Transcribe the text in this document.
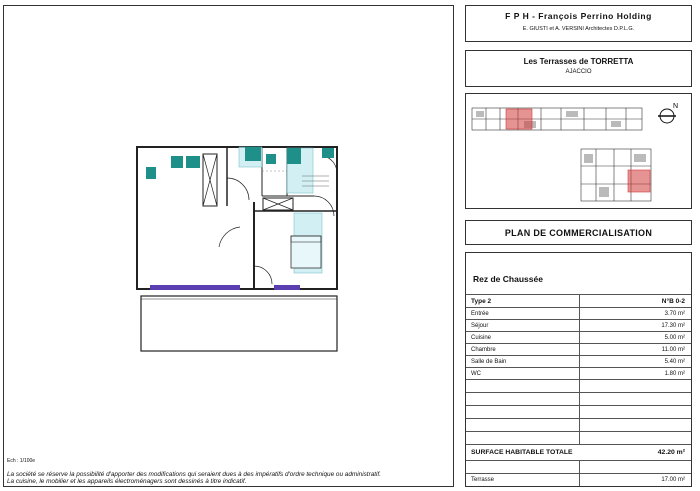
Ech : 1/100e
La société se réserve la possibilité d'apporter des modifications qui seraient dues à des impératifs d'ordre technique ou administratif.
La cuisine, le mobilier et les appareils électroménagers sont dessinés à titre indicatif.
F P H - François Perrino Holding
E. GIUSTI et A. VERSINI Architectes D.P.L.G.
Les Terrasses de TORRETTA
AJACCIO
N
PLAN DE COMMERCIALISATION
Rez de Chaussée
Type 2	N°B 0-2
Entrée	3.70 m²
Séjour	17.30 m²
Cuisine	5.00 m²
Chambre	11.00 m²
Salle de Bain	5.40 m²
WC	1.80 m²
SURFACE HABITABLE TOTALE	42.20 m²
Terrasse	17.00 m²
